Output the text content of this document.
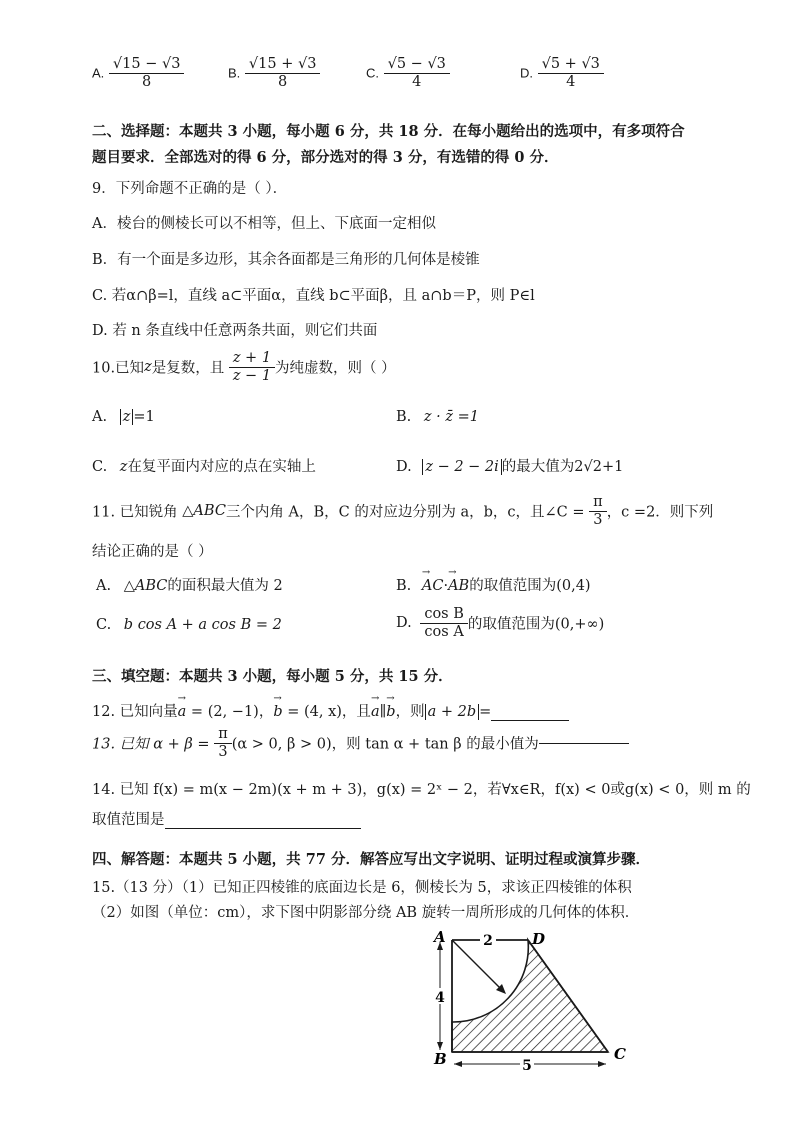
A. $\frac{√15 - √3}{8}$	B. $\frac{√15 + √3}{8}$	C. $\frac{√5 - √3}{4}$	D. $\frac{√5 + √3}{4}$
二、选择题：本题共 3 小题，每小题 6 分，共 18 分．在每小题给出的选项中，有多项符合
题目要求．全部选对的得 6 分，部分选对的得 3 分，有选错的得 0 分．
9．下列命题不正确的是（ ）．
A．棱台的侧棱长可以不相等，但上、下底面一定相似
B．有一个面是多边形，其余各面都是三角形的几何体是棱锥
C. 若α∩β=l，直线 a⊂平面α，直线 b⊂平面β，且 a∩b＝P，则 P∈l
D. 若 n 条直线中任意两条共面，则它们共面
10.已知z是复数，且 $\frac{z + 1}{z - 1}$ 为纯虚数，则（ ）
A. z =1	B. z · z̄ =1
C. z在复平面内对应的点在实轴上	D. z − 2 − 2i 的最大值为2√2+1
11. 已知锐角 △ABC三个内角 A，B，C 的对应边分别为 a，b，c，且∠C = $\frac{\pi}{3}$ ，c =2．则下列
结论正确的是（ ）
A. △ABC的面积最大值为 2	B. → AC·→ AB的取值范围为(0,4)
C. b cos A + a cos B = 2	D. $\frac{\text{cos B}}{\text{cos A}}$ 的取值范围为(0,+∞)
三、填空题：本题共 3 小题，每小题 5 分，共 15 分．
12. 已知向量→ a = (2, −1)，→ b = (4, x)，且→ a∥→ b，则 a + 2b =
13. 已知 $\alpha + \beta = \frac{\pi}{3} (\alpha > 0$, β > 0)，则 tan α + tan β 的最小值为
14. 已知 f(x) = m(x − 2m)(x + m + 3)，g(x) = 2ˣ − 2，若∀x∈R，f(x) < 0或g(x) < 0，则 m 的
取值范围是
四、解答题：本题共 5 小题，共 77 分．解答应写出文字说明、证明过程或演算步骤．
15.（13 分）（1）已知正四棱锥的底面边长是 6，侧棱长为 5，求该正四棱锥的体积
（2）如图（单位：cm），求下图中阴影部分绕 AB 旋转一周所形成的几何体的体积．
2
4
5
A	D
B	C
